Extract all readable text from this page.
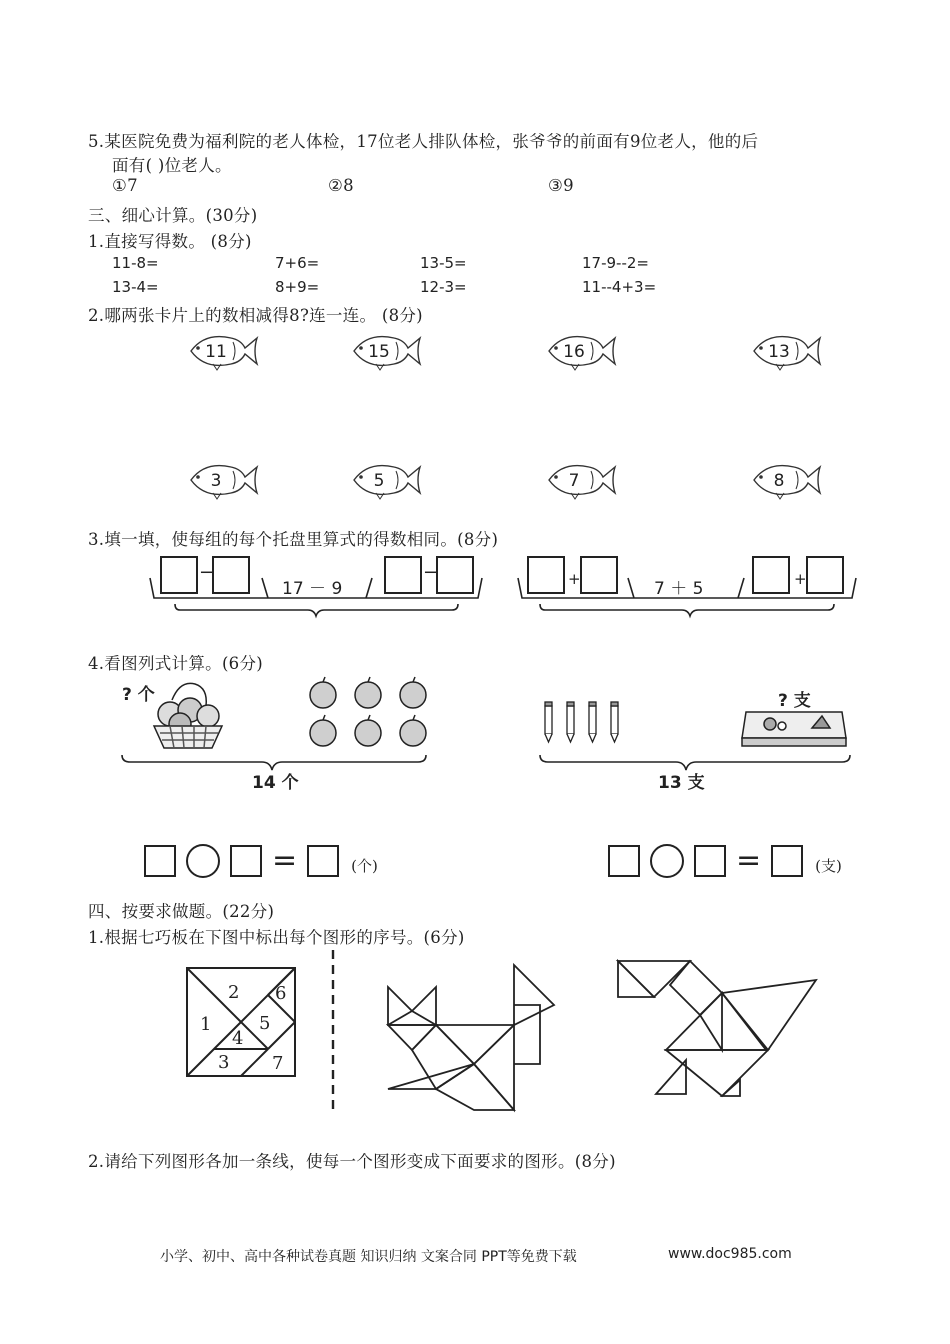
5.某医院免费为福利院的老人体检，17位老人排队体检，张爷爷的前面有9位老人，他的后
面有( )位老人。
①7	②8	③9
三、细心计算。(30分)
1.直接写得数。 (8分)
11-8=	7+6=	13-5=	17-9--2=
13-4=	8+9=	12-3=	11--4+3=
2.哪两张卡片上的数相减得8?连一连。 (8分)
11	15	16	13
3	5	7	8
3.填一填，使每组的每个托盘里算式的得数相同。(8分)
−
17 － 9
−	+	7 ＋ 5	+
4.看图列式计算。(6分)
? 个	? 支
14 个	13 支
=	(个)	=	(支)
四、按要求做题。(22分)
1.根据七巧板在下图中标出每个图形的序号。(6分)
1
2
3
4
5
6
7
2.请给下列图形各加一条线，使每一个图形变成下面要求的图形。(8分)
小学、初中、高中各种试卷真题 知识归纳 文案合同 PPT等免费下载	www.doc985.com
